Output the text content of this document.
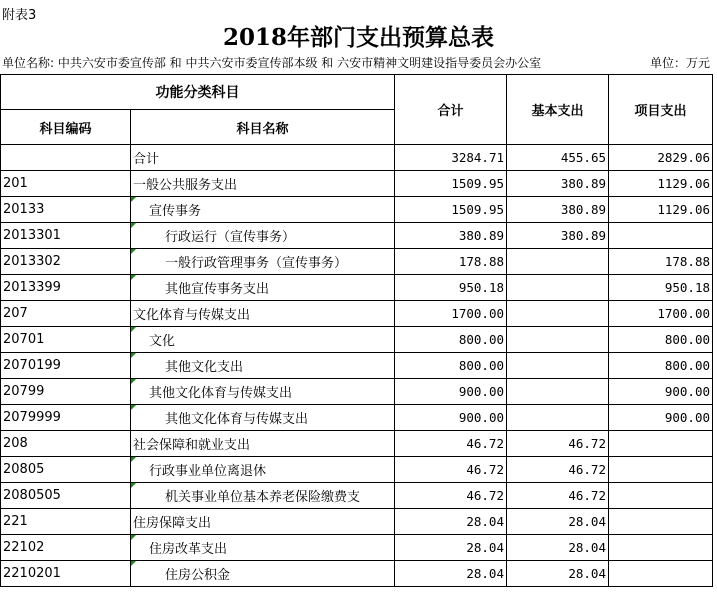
附表3
2018年部门支出预算总表
单位名称: 中共六安市委宣传部 和 中共六安市委宣传部本级 和 六安市精神文明建设指导委员会办公室	单位：万元
功能分类科目		合计	基本支出	项目支出
科目编码	科目名称			
	合计	3284.71	455.65	2829.06
201	一般公共服务支出	1509.95	380.89	1129.06
20133	宣传事务	1509.95	380.89	1129.06
2013301	行政运行（宣传事务）	380.89	380.89	
2013302	一般行政管理事务（宣传事务）	178.88		178.88
2013399	其他宣传事务支出	950.18		950.18
207	文化体育与传媒支出	1700.00		1700.00
20701	文化	800.00		800.00
2070199	其他文化支出	800.00		800.00
20799	其他文化体育与传媒支出	900.00		900.00
2079999	其他文化体育与传媒支出	900.00		900.00
208	社会保障和就业支出	46.72	46.72	
20805	行政事业单位离退休	46.72	46.72	
2080505	机关事业单位基本养老保险缴费支	46.72	46.72	
221	住房保障支出	28.04	28.04	
22102	住房改革支出	28.04	28.04	
2210201	住房公积金	28.04	28.04	
